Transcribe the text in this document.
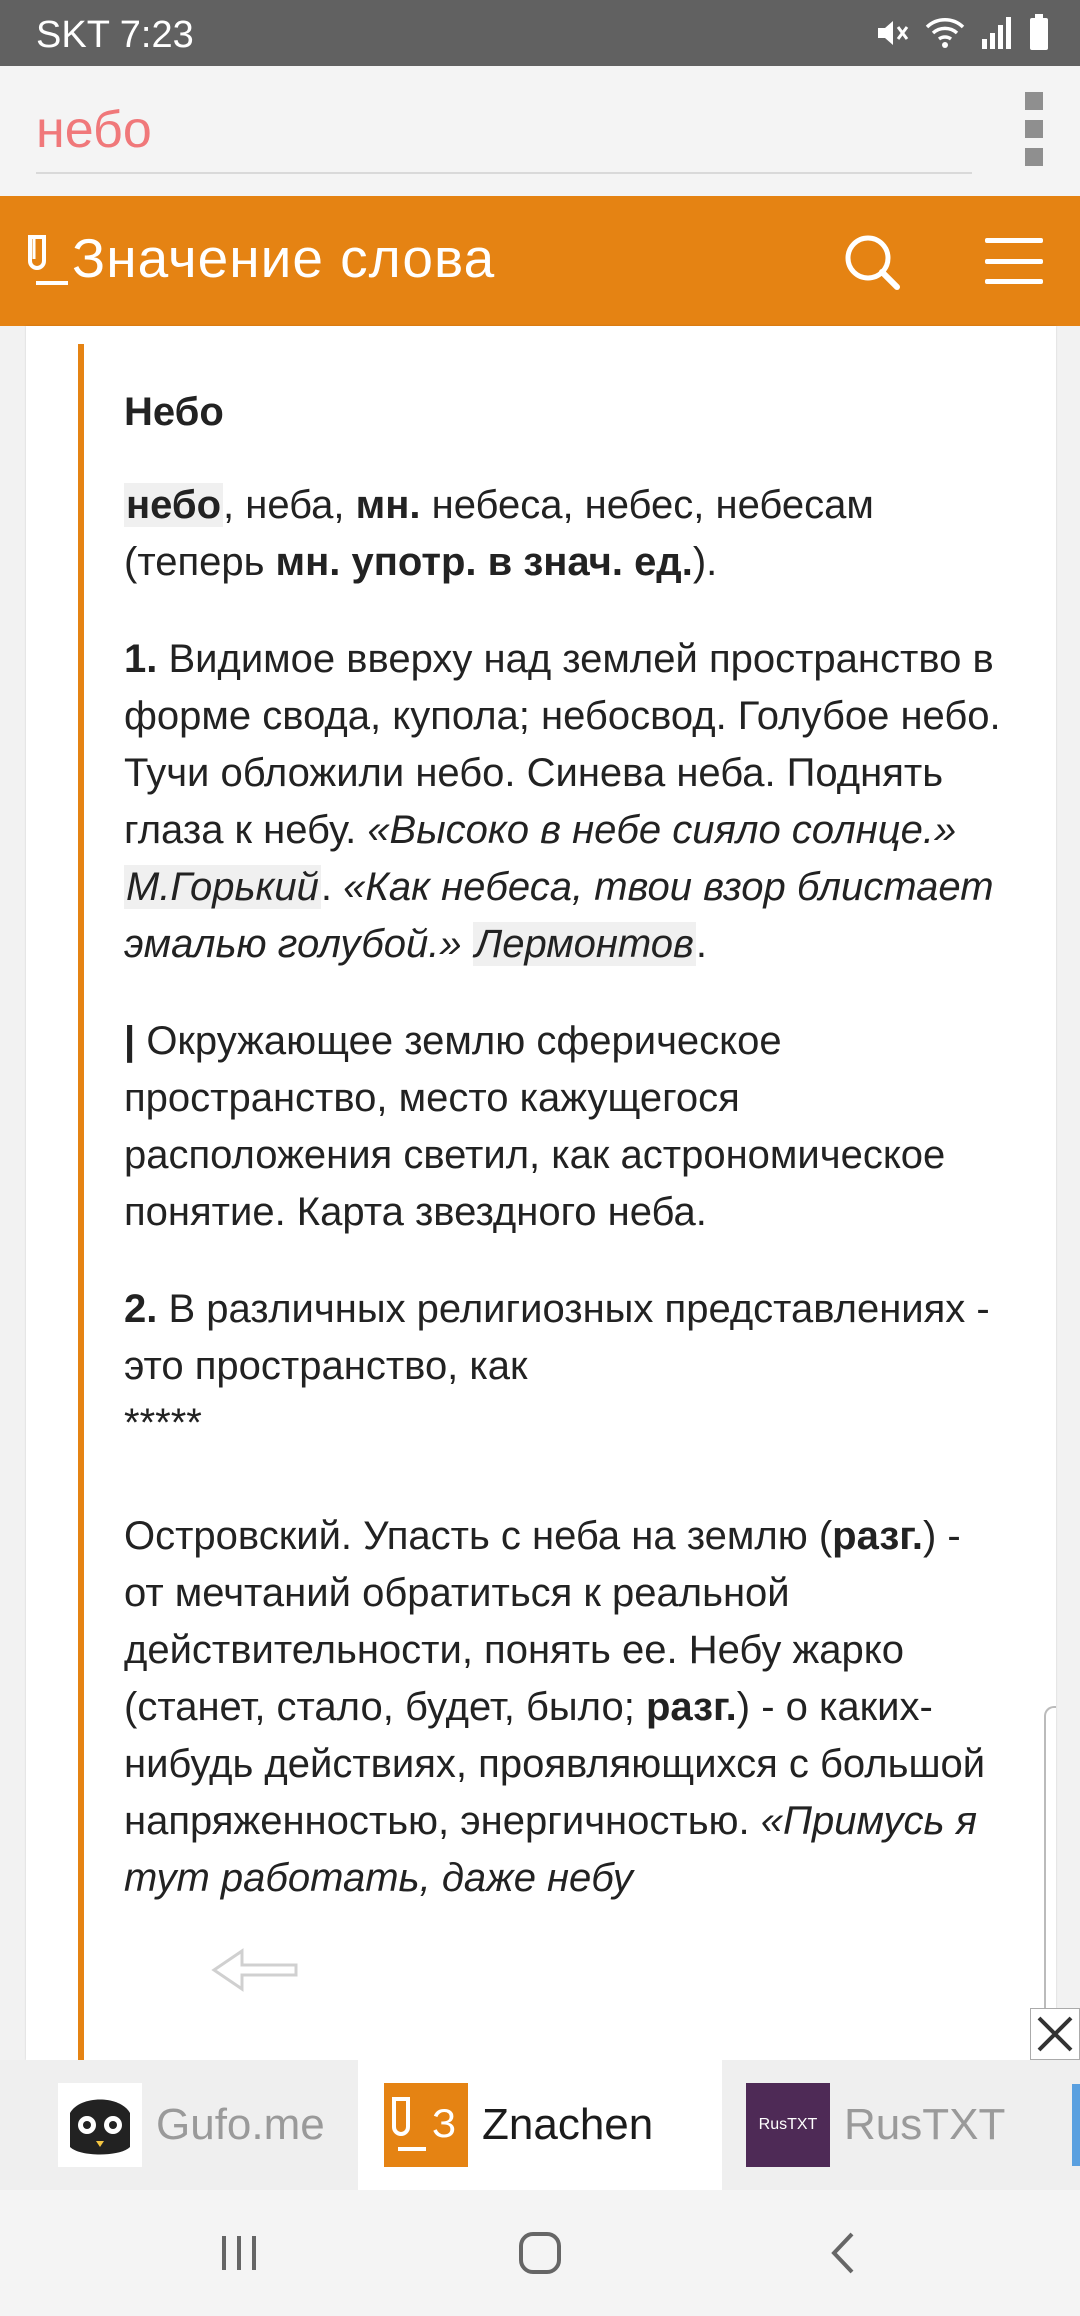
SKT 7:23
небо
Значение слова
Небо

небо, неба, мн. небеса, небес, небесам (теперь мн. употр. в знач. ед.).

1. Видимое вверху над землей пространство в форме свода, купола; небосвод. Голубое небо. Тучи обложили небо. Синева неба. Поднять глаза к небу. «Высоко в небе сияло солнце.» М.Горький. «Как небеса, твои взор блистает эмалью голубой.» Лермонтов.

| Окружающее землю сферическое пространство, место кажущегося расположения светил, как астрономическое понятие. Карта звездного неба.

2. В различных религиозных представлениях - это пространство, как
*****

Островский. Упасть с неба на землю (разг.) - от мечтаний обратиться к реальной действительности, понять ее. Небу жарко (станет, стало, будет, было; разг.) - о каких-нибудь действиях, проявляющихся с большой напряженностью, энергичностью. «Примусь я тут работать, даже небу

Gufo.me	З Znachen	RusTXT RusTXT
